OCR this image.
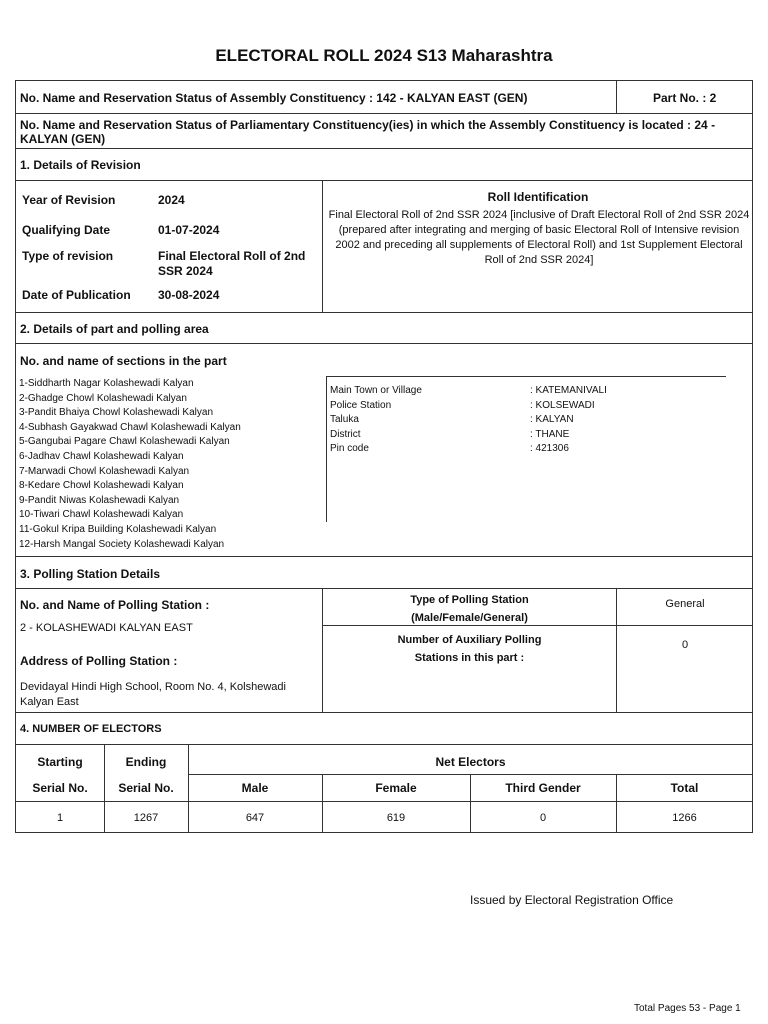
ELECTORAL ROLL 2024 S13 Maharashtra
No. Name and Reservation Status of Assembly Constituency : 142 - KALYAN EAST (GEN)	Part No. : 2
No. Name and Reservation Status of Parliamentary Constituency(ies) in which the Assembly Constituency is located : 24 - KALYAN (GEN)
1. Details of Revision
Year of Revision	2024
Qualifying Date	01-07-2024
Type of revision	Final Electoral Roll of 2nd SSR 2024
Date of Publication 30-08-2024
Roll Identification
Final Electoral Roll of 2nd SSR 2024 [inclusive of Draft Electoral Roll of 2nd SSR 2024 (prepared after integrating and merging of basic Electoral Roll of Intensive revision 2002 and preceding all supplements of Electoral Roll) and 1st Supplement Electoral Roll of 2nd SSR 2024]
2. Details of part and polling area
No. and name of sections in the part
1-Siddharth Nagar Kolashewadi Kalyan
2-Ghadge Chowl Kolashewadi Kalyan
3-Pandit Bhaiya Chowl Kolashewadi Kalyan
4-Subhash Gayakwad Chawl Kolashewadi Kalyan
5-Gangubai Pagare Chawl Kolashewadi Kalyan
6-Jadhav Chawl Kolashewadi Kalyan
7-Marwadi Chowl Kolashewadi Kalyan
8-Kedare Chowl Kolashewadi Kalyan
9-Pandit Niwas Kolashewadi Kalyan
10-Tiwari Chawl Kolashewadi Kalyan
11-Gokul Kripa Building Kolashewadi Kalyan
12-Harsh Mangal Society Kolashewadi Kalyan
Main Town or Village	: KATEMANIVALI
Police Station	: KOLSEWADI
Taluka	: KALYAN
District	: THANE
Pin code	: 421306
3. Polling Station Details
No. and Name of Polling Station :
2 - KOLASHEWADI KALYAN EAST
Address of Polling Station :
Devidayal Hindi High School, Room No. 4, Kolshewadi Kalyan East
Type of Polling Station
(Male/Female/General)
General
Number of Auxiliary Polling
Stations in this part :
0
4. NUMBER OF ELECTORS
Starting
Serial No.
Ending
Serial No.
Net Electors
Male	Female	Third Gender	Total
1	1267	647	619	0	1266
Issued by Electoral Registration Office
Total Pages 53 - Page 1
